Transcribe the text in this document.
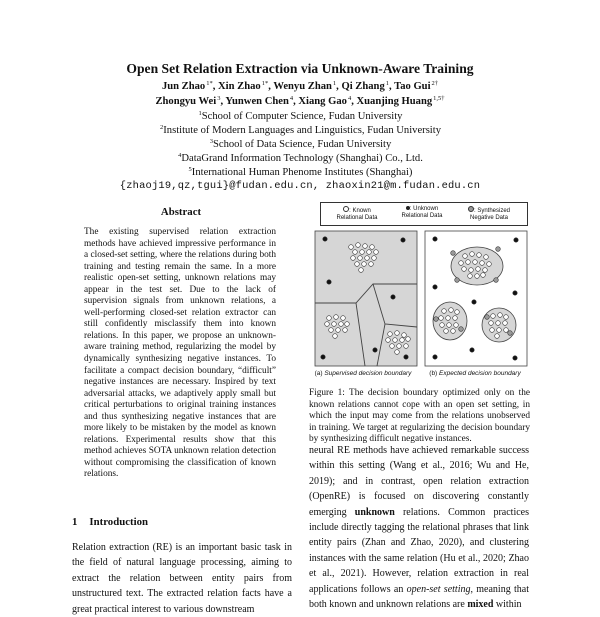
Open Set Relation Extraction via Unknown-Aware Training
Jun Zhao$^{1*}$, Xin Zhao$^{1*}$, Wenyu Zhan$^1$, Qi Zhang$^1$, Tao Gui$^{2\dagger}$
Zhongyu Wei$^3$, Yunwen Chen$^4$, Xiang Gao$^4$, Xuanjing Huang$^{1,5\dagger}$
$^1$School of Computer Science, Fudan University
$^2$Institute of Modern Languages and Linguistics, Fudan University
$^3$School of Data Science, Fudan University
$^4$DataGrand Information Technology (Shanghai) Co., Ltd.
$^5$International Human Phenome Institutes (Shanghai)
{zhaoj19,qz,tgui}@fudan.edu.cn, zhaoxin21@m.fudan.edu.cn
Abstract

The existing supervised relation extraction methods have achieved impressive performance in a closed-set setting, where the relations during both training and testing remain the same. In a more realistic open-set setting, unknown relations may appear in the test set. Due to the lack of supervision signals from unknown relations, a well-performing closed-set relation extractor can still confidently misclassify them into known relations. In this paper, we propose an unknown-aware training method, regularizing the model by dynamically synthesizing negative instances. To facilitate a compact decision boundary, “difficult” negative instances are necessary. Inspired by text adversarial attacks, we adaptively apply small but critical perturbations to original training instances and thus synthesizing negative instances that are more likely to be mistaken by the model as known relations. Experimental results show that this method achieves SOTA unknown relation detection without compromising the classification of known relations.

1 Introduction

Relation extraction (RE) is an important basic task in the field of natural language processing, aiming to extract the relation between entity pairs from unstructured text. The extracted relation facts have a great practical interest to various downstream

: Known
Relational Data
: Unknown
Relational Data
: Synthesized
Negative Data
(a) Supervised decision boundary	(b) Expected decision boundary

Figure 1: The decision boundary optimized only on the known relations cannot cope with an open set setting, in which the input may come from the relations unobserved in training. We target at regularizing the decision boundary by synthesizing difficult negative instances.

neural RE methods have achieved remarkable success within this setting (Wang et al., 2016; Wu and He, 2019); and in contrast, open relation extraction (OpenRE) is focused on discovering constantly emerging unknown relations. Common practices include directly tagging the relational phrases that link entity pairs (Zhan and Zhao, 2020), and clustering instances with the same relation (Hu et al., 2020; Zhao et al., 2021). However, relation extraction in real applications follows an open-set setting, meaning that both known and unknown relations are mixed within
